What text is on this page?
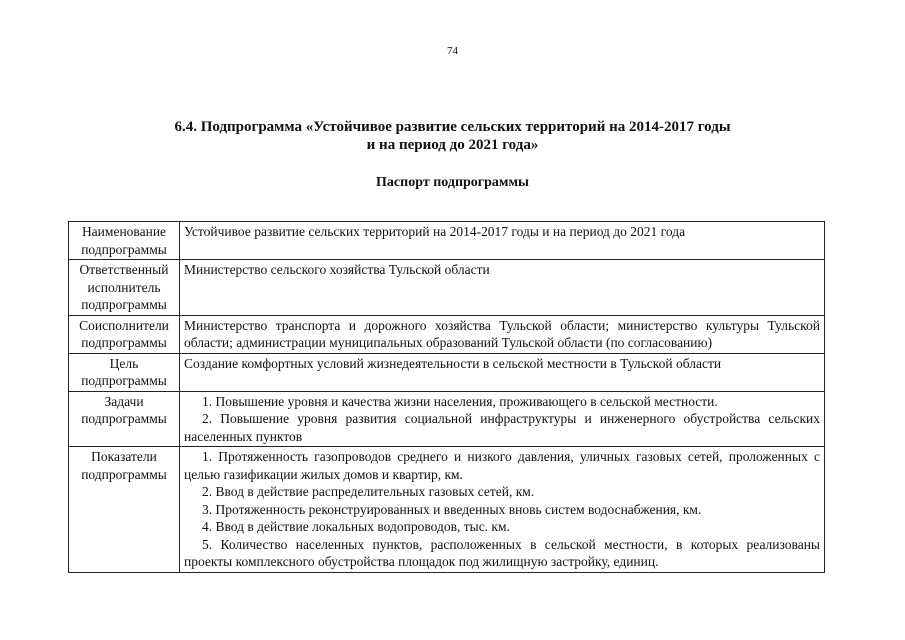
74
6.4. Подпрограмма «Устойчивое развитие сельских территорий на 2014-2017 годы
и на период до 2021 года»
Паспорт подпрограммы
Наименование подпрограммы	Устойчивое развитие сельских территорий на 2014-2017 годы и на период до 2021 года
Ответственный исполнитель подпрограммы	Министерство сельского хозяйства Тульской области
Соисполнители подпрограммы	Министерство транспорта и дорожного хозяйства Тульской области; министерство культуры Тульской области; администрации муниципальных образований Тульской области (по согласованию)
Цель подпрограммы	Создание комфортных условий жизнедеятельности в сельской местности в Тульской области
Задачи подпрограммы	1. Повышение уровня и качества жизни населения, проживающего в сельской местности.
2. Повышение уровня развития социальной инфраструктуры и инженерного обустройства сельских населенных пунктов

Показатели подпрограммы	1. Протяженность газопроводов среднего и низкого давления, уличных газовых сетей, проложенных с целью газификации жилых домов и квартир, км.
2. Ввод в действие распределительных газовых сетей, км.
3. Протяженность реконструированных и введенных вновь систем водоснабжения, км.
4. Ввод в действие локальных водопроводов, тыс. км.
5. Количество населенных пунктов, расположенных в сельской местности, в которых реализованы проекты комплексного обустройства площадок под жилищную застройку, единиц.
